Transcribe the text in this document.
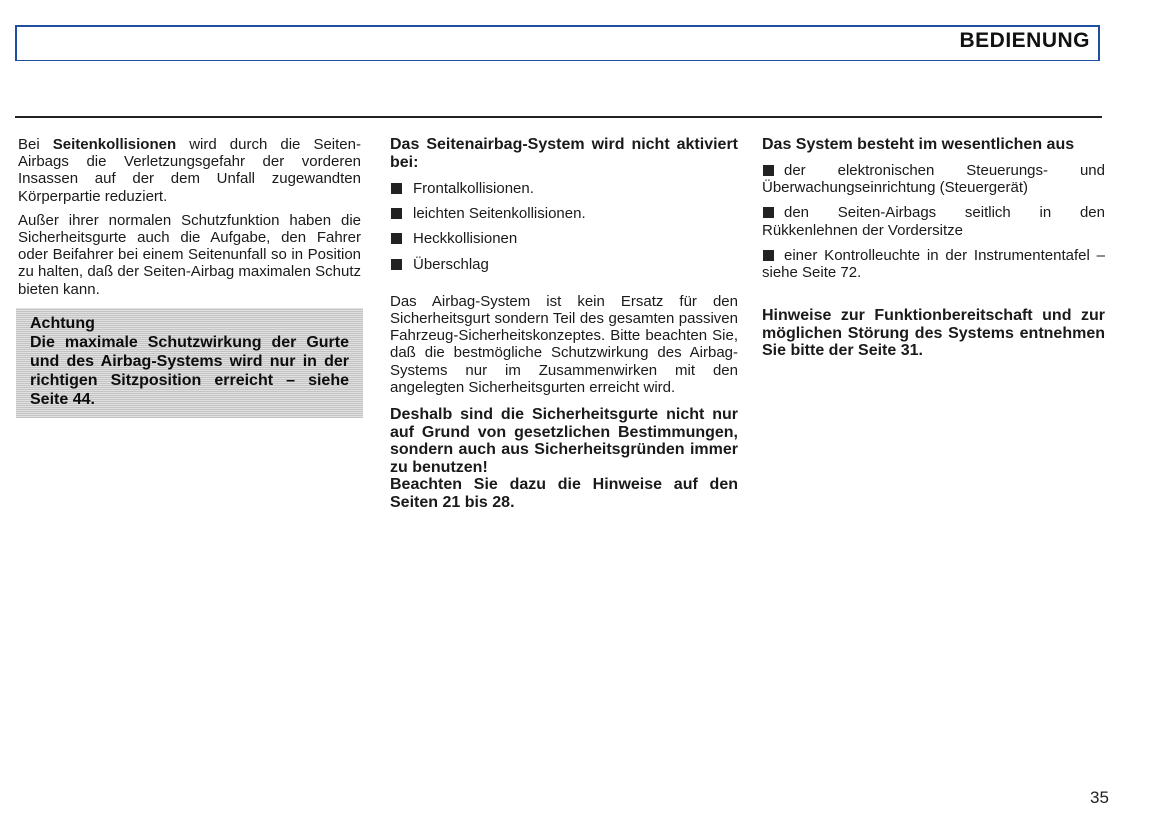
BEDIENUNG

Bei Seitenkollisionen wird durch die Seiten-Airbags die Verletzungsgefahr der vorderen Insassen auf der dem Unfall zugewandten Körperpartie reduziert.

Außer ihrer normalen Schutzfunktion haben die Sicherheitsgurte auch die Aufgabe, den Fahrer oder Beifahrer bei einem Seitenunfall so in Position zu halten, daß der Seiten-Airbag maximalen Schutz bieten kann.

Achtung
Die maximale Schutzwirkung der Gurte und des Airbag-Systems wird nur in der richtigen Sitzposition erreicht – siehe Seite 44.
Das Seitenairbag-System wird nicht aktiviert bei:
Frontalkollisionen.
leichten Seitenkollisionen.
Heckkollisionen
Überschlag

Das Airbag-System ist kein Ersatz für den Sicherheitsgurt sondern Teil des gesamten passiven Fahrzeug-Sicherheitskonzeptes. Bitte beachten Sie, daß die bestmögliche Schutzwirkung des Airbag-Systems nur im Zusammenwirken mit den angelegten Sicherheitsgurten erreicht wird.

Deshalb sind die Sicherheitsgurte nicht nur auf Grund von gesetzlichen Bestimmungen, sondern auch aus Sicherheitsgründen immer zu benutzen!
Beachten Sie dazu die Hinweise auf den Seiten 21 bis 28.
Das System besteht im wesentlichen aus
der elektronischen Steuerungs- und Überwachungseinrichtung (Steuergerät)
den Seiten-Airbags seitlich in den Rükkenlehnen der Vordersitze
einer Kontrolleuchte in der Instrumententafel – siehe Seite 72.
Hinweise zur Funktionbereitschaft und zur möglichen Störung des Systems entnehmen Sie bitte der Seite 31.
35
